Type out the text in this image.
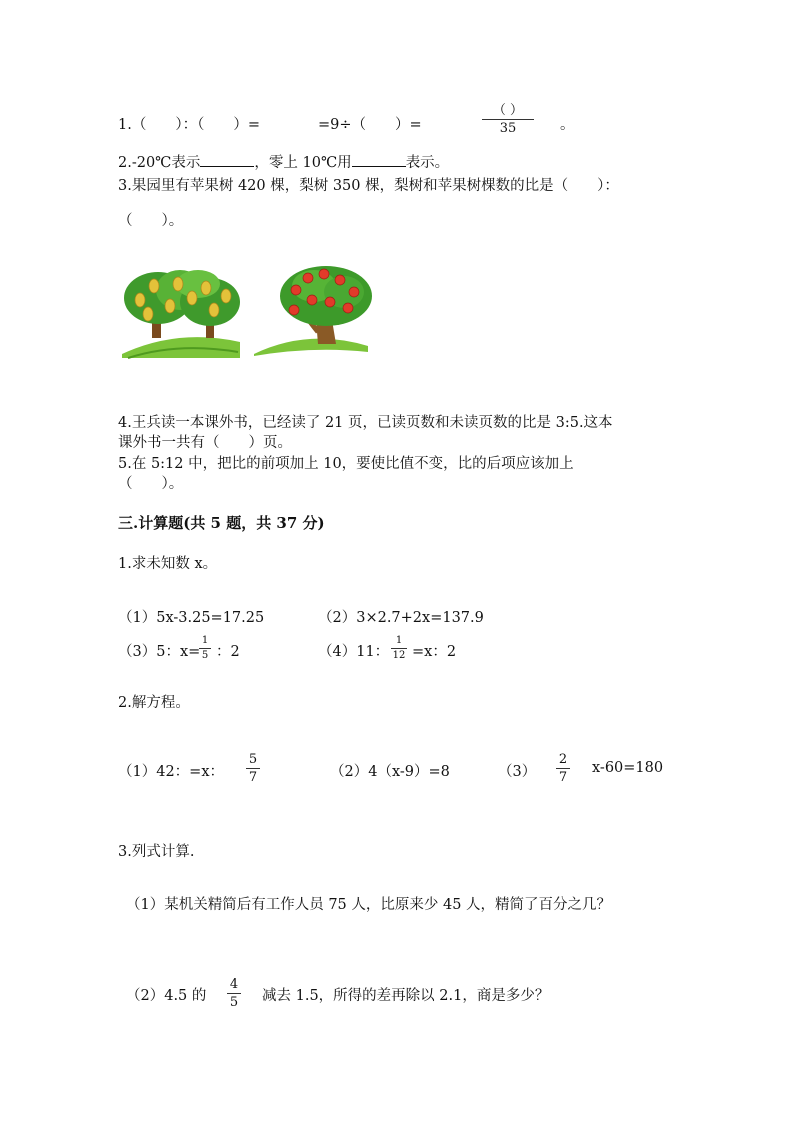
1.（　　）：（　　）=	=9÷（　　）=
（ ）
35	。
2.-20℃表示	，零上 10℃用	表示。
3.果园里有苹果树 420 棵，梨树 350 棵，梨树和苹果树棵数的比是（　　）：
（　　）。
4.王兵读一本课外书，已经读了 21 页，已读页数和未读页数的比是 3:5.这本
课外书一共有（　　）页。
5.在 5:12 中，把比的前项加上 10，要使比值不变，比的后项应该加上
（　　）。
三.计算题(共 5 题，共 37 分)
1.求未知数 x。
（1）5x-3.25=17.25	（2）3×2.7+2x=137.9
（3）5：x=
1
5 ：2	（4）11：
1
12 =x：2
2.解方程。
（1）42：=x：
5
7	（2）4（x-9）=8	（3）
2
7
x-60=180
3.列式计算.
（1）某机关精简后有工作人员 75 人，比原来少 45 人，精简了百分之几？
（2）4.5 的
4
5 减去 1.5，所得的差再除以 2.1，商是多少？
